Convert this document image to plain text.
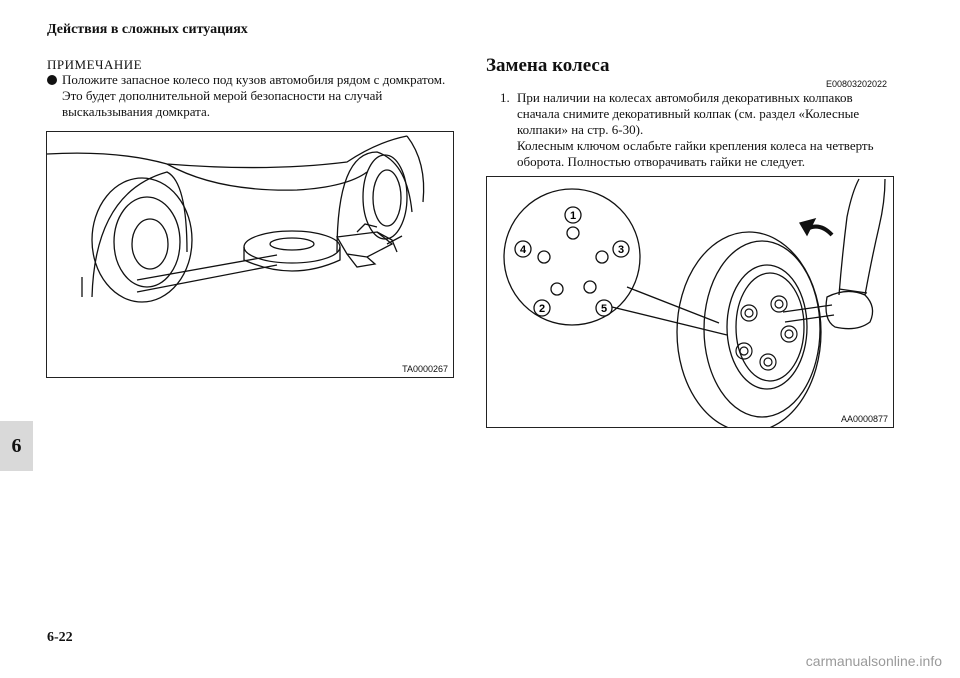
Действия в сложных ситуациях
ПРИМЕЧАНИЕ
Положите запасное колесо под кузов автомобиля рядом с домкратом. Это будет дополнительной мерой безопасности на случай выскальзывания домкрата.
TA0000267
Замена колеса
E00803202022
1. При наличии на колесах автомобиля декоративных колпаков сначала снимите декоративный колпак (см. раздел «Колесные колпаки» на стр. 6-30).
Колесным ключом ослабьте гайки крепления колеса на четверть оборота. Полностью отворачивать гайки не следует.
1
2
3
4
5
AA0000877
6
6-22
carmanualsonline.info
